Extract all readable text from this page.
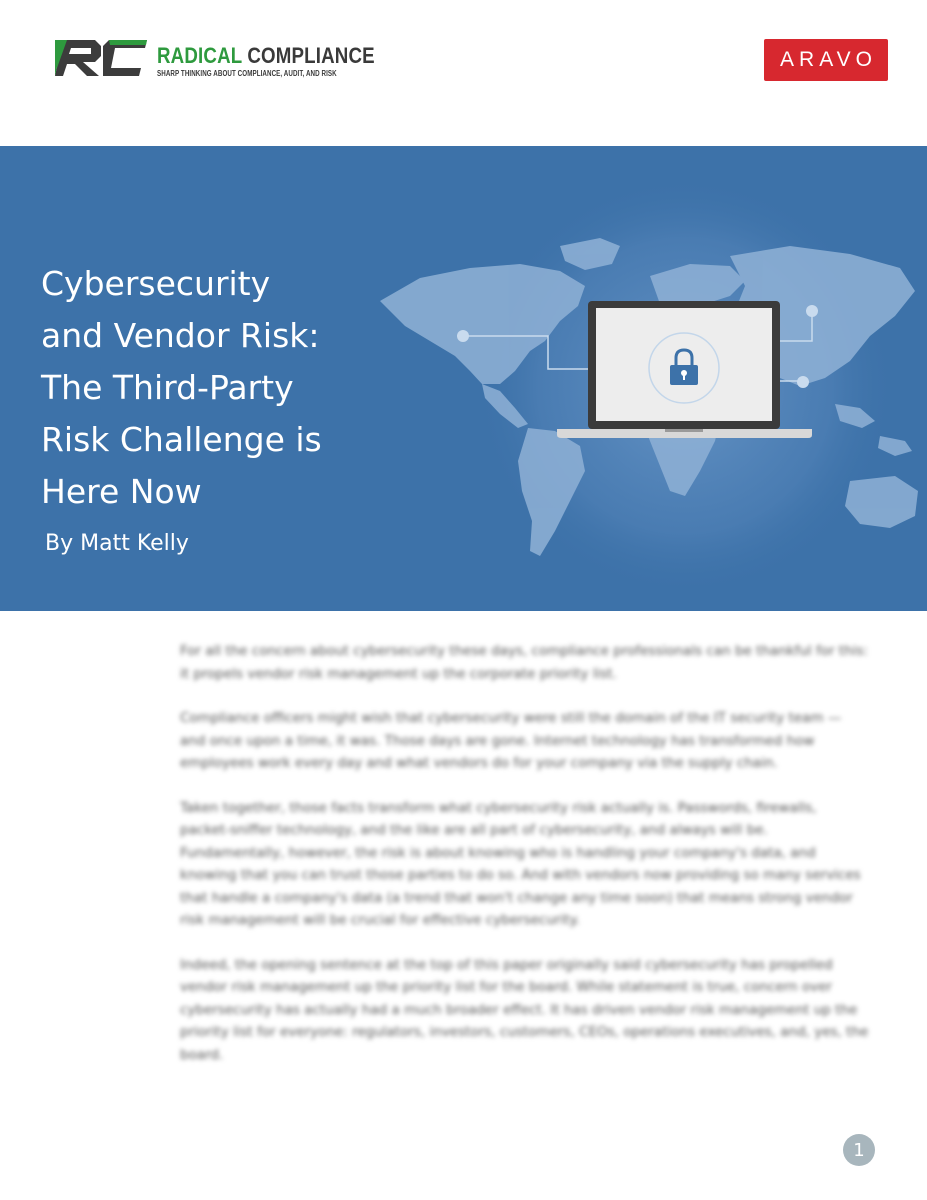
RADICAL COMPLIANCE
SHARP THINKING ABOUT COMPLIANCE, AUDIT, AND RISK
ARAVO
Cybersecurity
and Vendor Risk:
The Third-Party
Risk Challenge is
Here Now

By Matt Kelly

For all the concern about cybersecurity these days, compliance professionals can be thankful for this: it propels vendor risk management up the corporate priority list.

Compliance officers might wish that cybersecurity were still the domain of the IT security team — and once upon a time, it was. Those days are gone. Internet technology has transformed how employees work every day and what vendors do for your company via the supply chain.

Taken together, those facts transform what cybersecurity risk actually is. Passwords, firewalls, packet-sniffer technology, and the like are all part of cybersecurity, and always will be. Fundamentally, however, the risk is about knowing who is handling your company's data, and knowing that you can trust those parties to do so. And with vendors now providing so many services that handle a company's data (a trend that won't change any time soon) that means strong vendor risk management will be crucial for effective cybersecurity.

Indeed, the opening sentence at the top of this paper originally said cybersecurity has propelled vendor risk management up the priority list for the board. While statement is true, concern over cybersecurity has actually had a much broader effect. It has driven vendor risk management up the priority list for everyone: regulators, investors, customers, CEOs, operations executives, and, yes, the board.

1
